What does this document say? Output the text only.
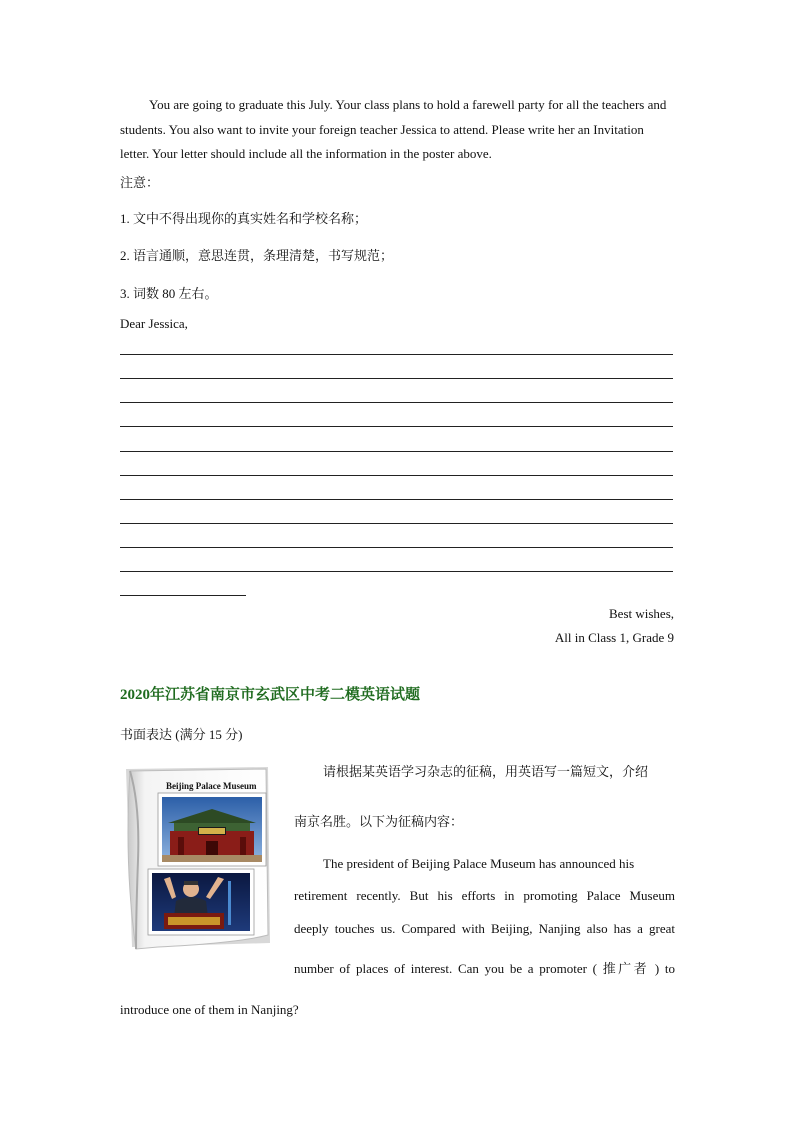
You are going to graduate this July. Your class plans to hold a farewell party for all the teachers and students. You also want to invite your foreign teacher Jessica to attend. Please write her an Invitation letter. Your letter should include all the information in the poster above.
注意：
1. 文中不得出现你的真实姓名和学校名称；
2. 语言通顺，意思连贯，条理清楚，书写规范；
3. 词数 80 左右。
Dear Jessica,
Best wishes,
All in Class 1, Grade 9
2020年江苏省南京市玄武区中考二模英语试题
书面表达 (满分 15 分)
Beijing Palace Museum
请根据某英语学习杂志的征稿，用英语写一篇短文，介绍
南京名胜。以下为征稿内容：
The president of Beijing Palace Museum has announced his
retirement recently. But his efforts in promoting Palace Museum
deeply touches us. Compared with Beijing, Nanjing also has a great
number of places of interest. Can you be a promoter ( 推广者 ) to
introduce one of them in Nanjing?
